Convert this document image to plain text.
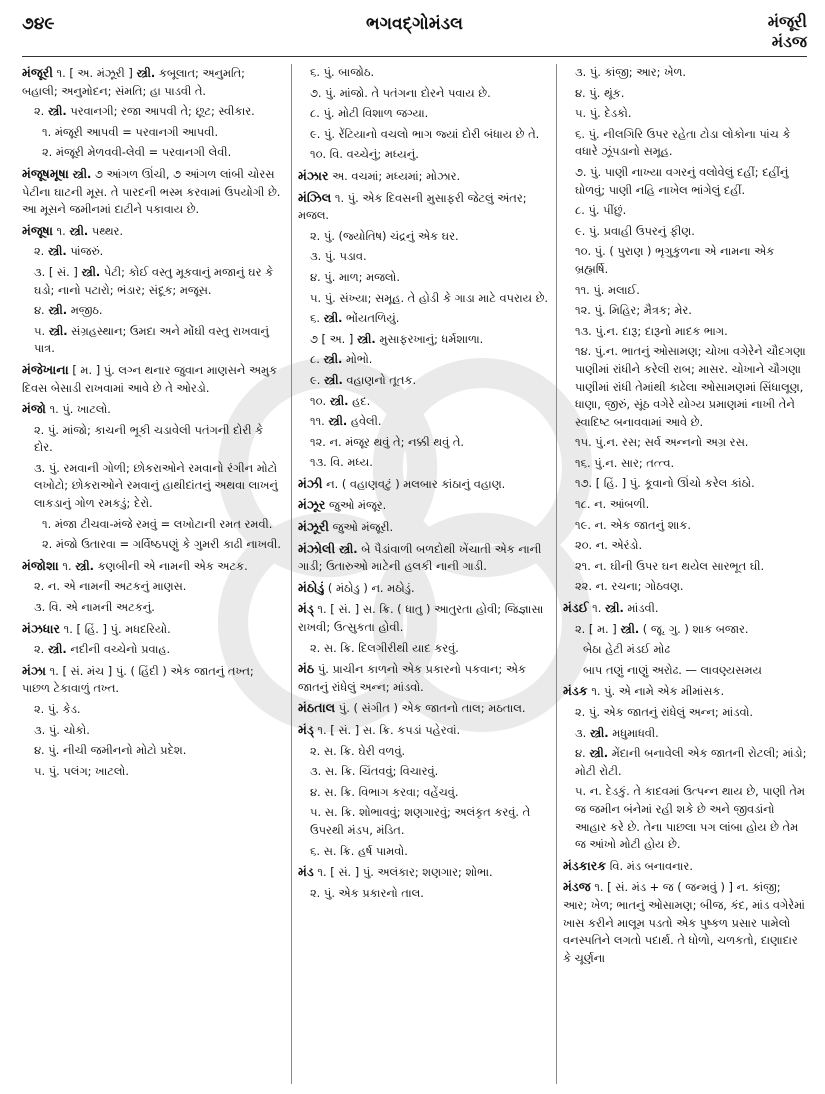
૭૪૯	ભગવદ્ગોમંડલ	મંજૂરી
મંડજ
મંજૂરી ૧. [ અ. મંઝૂરી ] સ્ત્રી. કબૂલાત; અનુમતિ; બહાલી; અનુમોદન; સંમતિ; હા પાડવી તે.
૨. સ્ત્રી. પરવાનગી; રજા આપવી તે; છૂટ; સ્વીકાર.
૧. મંજૂરી આપવી = પરવાનગી આપવી.
૨. મંજૂરી મેળવવી-લેવી = પરવાનગી લેવી.
મંજૂષમૂષા સ્ત્રી. ૭ આંગળ ઊંચી, ૭ આંગળ લાંબી ચોરસ પેટીના ઘાટની મૂસ. તે પારદની ભસ્મ કરવામાં ઉપયોગી છે. આ મૂસને જમીનમાં દાટીને પકાવાય છે.
મંજૂષા ૧. સ્ત્રી. પથ્થર.
૨. સ્ત્રી. પાંજરું.
૩. [ સં. ] સ્ત્રી. પેટી; કોઈ વસ્તુ મૂકવાનું મજાનું ઘર કે ઘડો; નાનો પટારો; ભંડાર; સંદૂક; મજૂસ.
૪. સ્ત્રી. મજીઠ.
૫. સ્ત્રી. સંગ્રહસ્થાન; ઉમદા અને મોંઘી વસ્તુ રાખવાનું પાત્ર.
મંજેખાના [ મ. ] પું. લગ્ન થનાર જુવાન માણસને અમુક દિવસ બેસાડી રાખવામાં આવે છે તે ઓરડો.
મંજો ૧. પું. ખાટલો.
૨. પું. માંજો; કાચની ભૂકી ચડાવેલી પતંગની દોરી કે દોર.
૩. પું. રમવાની ગોળી; છોકરાઓને રમવાનો રંગીન મોટો લખોટો; છોકરાઓને રમવાનું હાથીદાંતનું અથવા લાખનું લાકડાનું ગોળ રમકડું; દેરો.
૧. મંજા ટીચવા-મંજે રમવું = લખોટાની રમત રમવી.
૨. મંજો ઉતારવા = ગર્વિષ્ઠપણું કે ગુમરી કાઢી નાખવી.
મંજોશા ૧. સ્ત્રી. કણબીની એ નામની એક અટક.
૨. ન. એ નામની અટકનું માણસ.
૩. વિ. એ નામની અટકનું.
મંઝધાર ૧. [ હિં. ] પું. મધદરિયો.
૨. સ્ત્રી. નદીની વચ્ચેનો પ્રવાહ.
મંઝા ૧. [ સં. મંચ ] પું. ( હિંદી ) એક જાતનું તખ્ત; પાછળ ટેકાવાળું તખ્ત.
૨. પું. કેડ.
૩. પું. ચોકો.
૪. પું. નીચી જમીનનો મોટો પ્રદેશ.
૫. પું. પલંગ; ખાટલો.
૬. પું. બાજોઠ.
૭. પું. માંજો. તે પતંગના દોરને પવાય છે.
૮. પું. મોટી વિશાળ જગ્યા.
૯. પું. રેંટિયાનો વચલો ભાગ જ્યાં દોરી બંધાય છે તે.
૧૦. વિ. વચ્ચેનું; મધ્યનું.
મંઝાર અ. વચમાં; મધ્યમાં; મોઝાર.
મંઝિલ ૧. પું. એક દિવસની મુસાફરી જેટલું અંતર; મજલ.
૨. પું. (જ્યોતિષ) ચંદ્રનું એક ઘર.
૩. પું. પડાવ.
૪. પું. માળ; મજલો.
૫. પું. સંખ્યા; સમૂહ. તે હોડી કે ગાડા માટે વપરાય છે.
૬. સ્ત્રી. ભોંયતળિયું.
૭ [ અ. ] સ્ત્રી. મુસાફરખાનું; ધર્મશાળા.
૮. સ્ત્રી. મોભો.
૯. સ્ત્રી. વહાણનો તૂતક.
૧૦. સ્ત્રી. હદ.
૧૧. સ્ત્રી. હવેલી.
૧૨. ન. મંજૂર થવું તે; નક્કી થવું તે.
૧૩. વિ. મધ્ય.
મંઝી ન. ( વહાણવટું ) મલબાર કાંઠાનું વહાણ.
મંઝૂર જુઓ મંજૂર.
મંઝૂરી જુઓ મંજૂરી.
મંઝોલી સ્ત્રી. બે પૈડાંવાળી બળદોથી ખેંચાતી એક નાની ગાડી; ઉતારુઓ માટેની હલકી નાની ગાડી.
મંઠોડું ( મંઠોડુ ) ન. મઠોડું.
મંડ્ ૧. [ સં. ] સ. ક્રિ. ( ધાતુ ) આતુરતા હોવી; જિજ્ઞાસા રાખવી; ઉત્સુકતા હોવી.
૨. સ. ક્રિ. દિલગીરીથી યાદ કરવું.
મંઠ પું. પ્રાચીન કાળનો એક પ્રકારનો પકવાન; એક જાતનું રાંધેલું અન્ન; માંડવો.
મંઠતાલ પું. ( સંગીત ) એક જાતનો તાલ; મઠતાલ.
મંડ્ ૧. [ સં. ] સ. ક્રિ. કપડાં પહેરવાં.
૨. સ. ક્રિ. ઘેરી વળવું.
૩. સ. ક્રિ. ચિંતવવું; વિચારવું.
૪. સ. ક્રિ. વિભાગ કરવા; વહેંચવું.
૫. સ. ક્રિ. શોભાવવું; શણગારવું; અલંકૃત કરવું. તે ઉપરથી મંડપ, મંડિત.
૬. સ. ક્રિ. હર્ષ પામવો.
મંડ ૧. [ સં. ] પું. અલંકાર; શણગાર; શોભા.
૨. પું. એક પ્રકારનો તાલ.
૩. પું. કાંજી; આર; ખેળ.
૪. પું. થૂંક.
૫. પું. દેડકો.
૬. પું. નીલગિરિ ઉપર રહેતા ટોડા લોકોના પાંચ કે વધારે ઝૂંપડાનો સમૂહ.
૭. પું. પાણી નાખ્યા વગરનું વલોવેલું દહીં; દહીંનું ઘોળવું; પાણી નહિ નાખેલ ભાંગેલું દહીં.
૮. પું. પીંછું.
૯. પું. પ્રવાહી ઉપરનું ફીણ.
૧૦. પું. ( પુરાણ ) ભૃગુકુળના એ નામના એક બ્રહ્મર્ષિ.
૧૧. પું. મલાઈ.
૧૨. પું. મિહિર; મૈત્રક; મેર.
૧૩. પું.ન. દારૂ; દારૂનો માદક ભાગ.
૧૪. પું.ન. ભાતનું ઓસામણ; ચોખા વગેરેને ચૌદગણા પાણીમાં રાંધીને કરેલી રાબ; માસર. ચોખાને ચૌગણા પાણીમાં રાંધી તેમાંથી કાઢેલા ઓસામણમાં સિંધાલૂણ, ધાણા, જીરું, સૂંઠ વગેરે યોગ્ય પ્રમાણમાં નાખી તેને સ્વાદિષ્ટ બનાવવામાં આવે છે.
૧૫. પું.ન. રસ; સર્વ અન્નનો અગ્ર રસ.
૧૬. પું.ન. સાર; તત્ત્વ.
૧૭. [ હિં. ] પું. કૂવાનો ઊંચો કરેલ કાંઠો.
૧૮. ન. આંબળી.
૧૯. ન. એક જાતનું શાક.
૨૦. ન. એરંડો.
૨૧. ન. ઘીની ઉપર ઘન થયેલ સારભૂત ઘી.
૨૨. ન. રચના; ગોઠવણ.
મંડઈ ૧. સ્ત્રી. માંડવી.
૨. [ મ. ] સ્ત્રી. ( જૂ. ગુ. ) શાક બજાર.
બેઠા હેટી મંડઈ મોઢ
બાપ તણું નાણું અરોઢ. — લાવણ્યસમય
મંડક ૧. પું. એ નામે એક મીમાંસક.
૨. પું. એક જાતનું રાંધેલું અન્ન; માંડવો.
૩. સ્ત્રી. મધુમાધવી.
૪. સ્ત્રી. મેંદાની બનાવેલી એક જાતની રોટલી; માંડો; મોટી રોટી.
૫. ન. દેડકું. તે કાદવમાં ઉત્પન્ન થાય છે, પાણી તેમ જ જમીન બંનેમાં રહી શકે છે અને જીવડાંનો આહાર કરે છે. તેના પાછલા પગ લાંબા હોય છે તેમ જ આંખો મોટી હોય છે.
મંડકારક વિ. મંડ બનાવનાર.
મંડજ ૧. [ સં. મંડ + જ ( જન્મવું ) ] ન. કાંજી; આર; ખેળ; ભાતનું ઓસામણ; બીજ, કંદ, માંડ વગેરેમાં ખાસ કરીને માલૂમ પડતો એક પુષ્કળ પ્રસાર પામેલો વનસ્પતિને લગતો પદાર્થ. તે ધોળો, ચળકતો, દાણાદાર કે ચૂર્ણના
